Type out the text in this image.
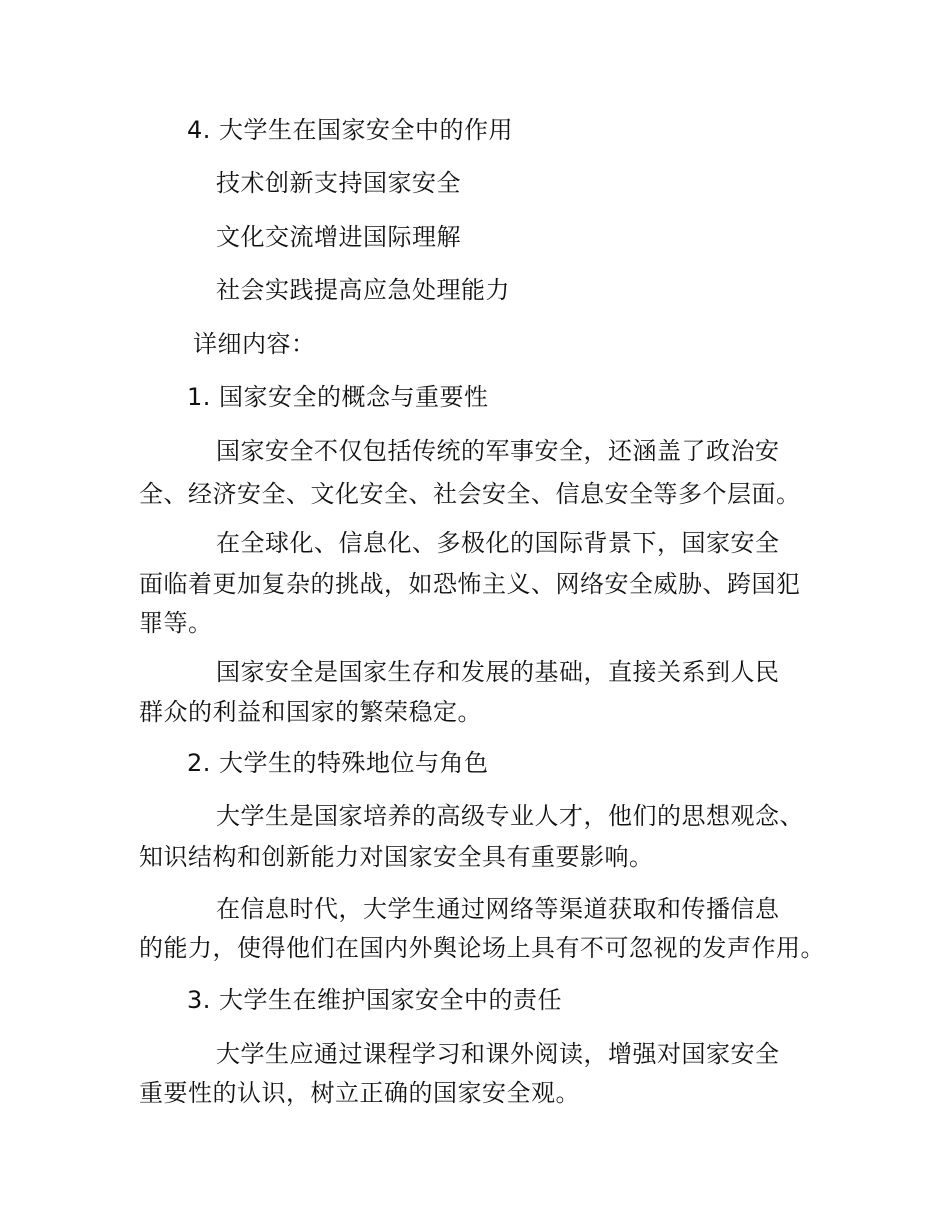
4. 大学生在国家安全中的作用
技术创新支持国家安全
文化交流增进国际理解
社会实践提高应急处理能力
详细内容：
1. 国家安全的概念与重要性
国家安全不仅包括传统的军事安全，还涵盖了政治安
全、经济安全、文化安全、社会安全、信息安全等多个层面。
在全球化、信息化、多极化的国际背景下，国家安全
面临着更加复杂的挑战，如恐怖主义、网络安全威胁、跨国犯
罪等。
国家安全是国家生存和发展的基础，直接关系到人民
群众的利益和国家的繁荣稳定。
2. 大学生的特殊地位与角色
大学生是国家培养的高级专业人才，他们的思想观念、
知识结构和创新能力对国家安全具有重要影响。
在信息时代，大学生通过网络等渠道获取和传播信息
的能力，使得他们在国内外舆论场上具有不可忽视的发声作用。
3. 大学生在维护国家安全中的责任
大学生应通过课程学习和课外阅读，增强对国家安全
重要性的认识，树立正确的国家安全观。
